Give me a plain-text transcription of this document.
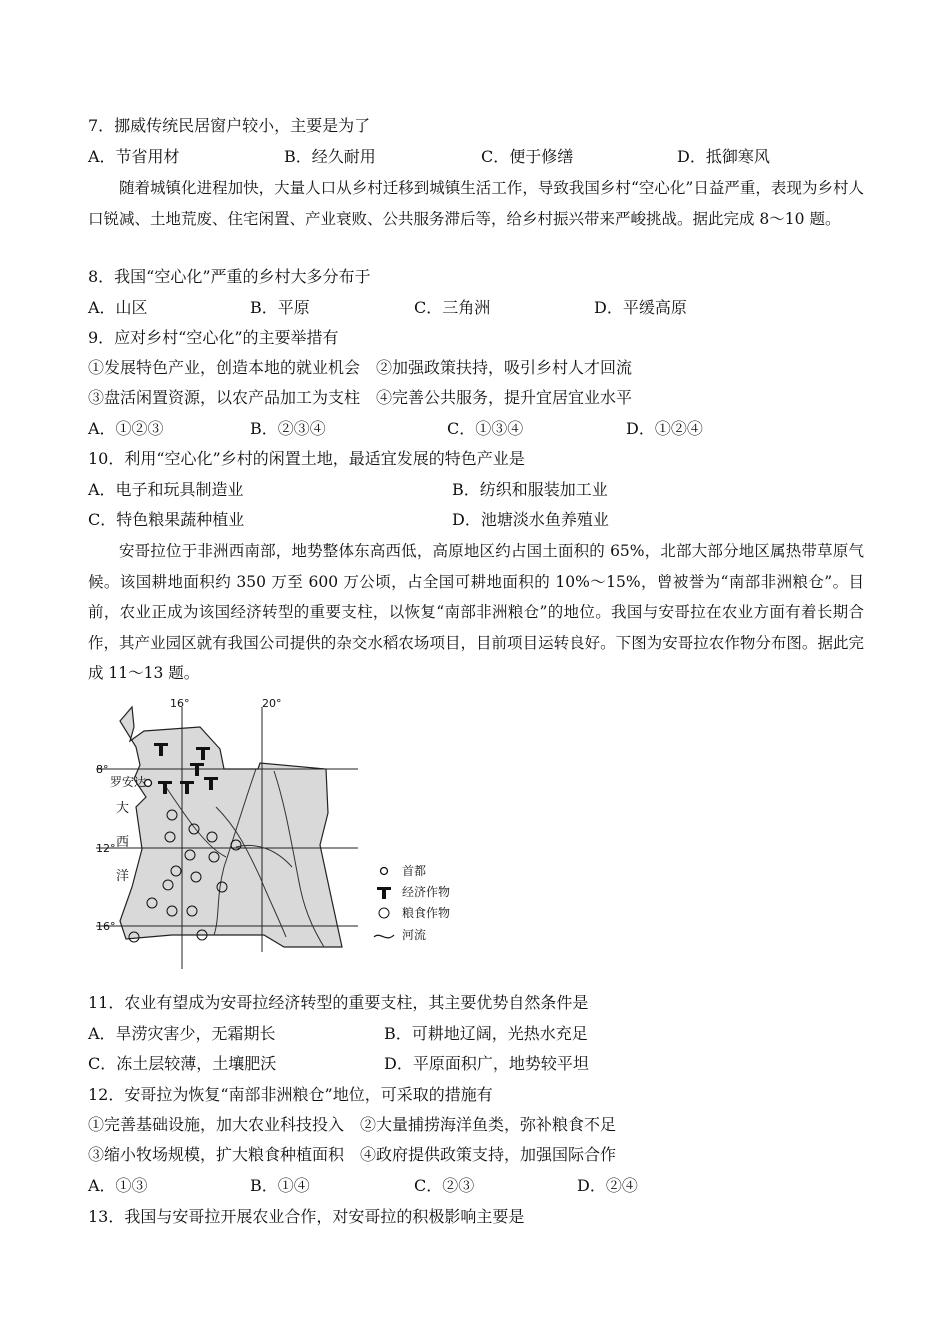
7．挪威传统民居窗户较小，主要是为了
A．节省用材	B．经久耐用	C．便于修缮	D．抵御寒风

随着城镇化进程加快，大量人口从乡村迁移到城镇生活工作，导致我国乡村“空心化”日益严重，表现为乡村人口锐减、土地荒废、住宅闲置、产业衰败、公共服务滞后等，给乡村振兴带来严峻挑战。据此完成 8～10 题。

8．我国“空心化”严重的乡村大多分布于
A．山区	B．平原	C．三角洲	D．平缓高原
9．应对乡村“空心化”的主要举措有
①发展特色产业，创造本地的就业机会　②加强政策扶持，吸引乡村人才回流
③盘活闲置资源，以农产品加工为支柱　④完善公共服务，提升宜居宜业水平
A．①②③	B．②③④	C．①③④	D．①②④
10．利用“空心化”乡村的闲置土地，最适宜发展的特色产业是
A．电子和玩具制造业	B．纺织和服装加工业
C．特色粮果蔬种植业	D．池塘淡水鱼养殖业

安哥拉位于非洲西南部，地势整体东高西低，高原地区约占国土面积的 65%，北部大部分地区属热带草原气候。该国耕地面积约 350 万至 600 万公顷，占全国可耕地面积的 10%～15%，曾被誉为“南部非洲粮仓”。目前，农业正成为该国经济转型的重要支柱，以恢复“南部非洲粮仓”的地位。我国与安哥拉在农业方面有着长期合作，其产业园区就有我国公司提供的杂交水稻农场项目，目前项目运转良好。下图为安哥拉农作物分布图。据此完成 11～13 题。

16°	20°
8°
12°
16°
罗安达
大
西
洋	首都
经济作物
粮食作物
河流
11．农业有望成为安哥拉经济转型的重要支柱，其主要优势自然条件是
A．旱涝灾害少，无霜期长	B．可耕地辽阔，光热水充足
C．冻土层较薄，土壤肥沃	D．平原面积广，地势较平坦
12．安哥拉为恢复“南部非洲粮仓”地位，可采取的措施有
①完善基础设施，加大农业科技投入　②大量捕捞海洋鱼类，弥补粮食不足
③缩小牧场规模，扩大粮食种植面积　④政府提供政策支持，加强国际合作
A．①③	B．①④	C．②③	D．②④
13．我国与安哥拉开展农业合作，对安哥拉的积极影响主要是
